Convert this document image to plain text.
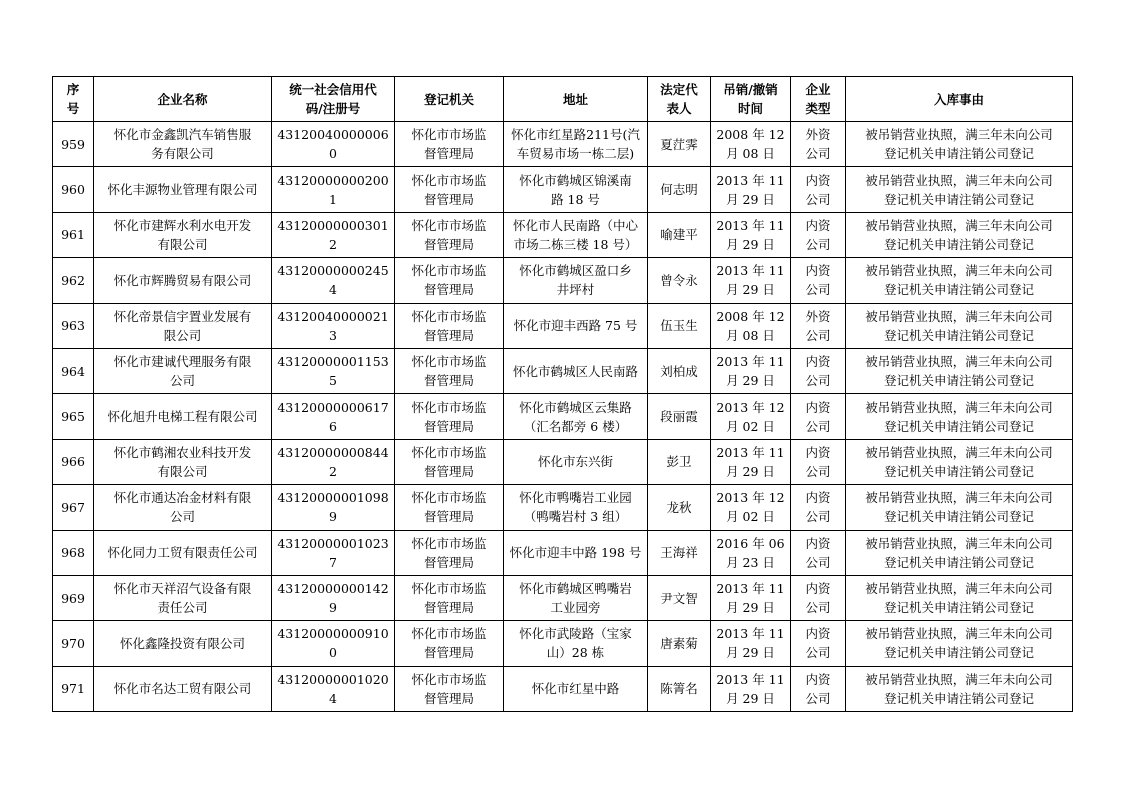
序
号	企业名称	统一社会信用代
码/注册号	登记机关	地址	法定代
表人	吊销/撤销
时间	企业
类型	入库事由

959	怀化市金鑫凯汽车销售服
务有限公司	431200400000060	怀化市市场监
督管理局	怀化市红星路211号(汽
车贸易市场一栋二层)	夏茳霁	2008 年 12
月 08 日	外资
公司	被吊销营业执照，满三年未向公司
登记机关申请注销公司登记

960	怀化丰源物业管理有限公司	431200000002001	怀化市市场监
督管理局	怀化市鹤城区锦溪南
路 18 号	何志明	2013 年 11
月 29 日	内资
公司	被吊销营业执照，满三年未向公司
登记机关申请注销公司登记

961	怀化市建辉水利水电开发
有限公司	431200000003012	怀化市市场监
督管理局	怀化市人民南路（中心
市场二栋三楼 18 号）	喻建平	2013 年 11
月 29 日	内资
公司	被吊销营业执照，满三年未向公司
登记机关申请注销公司登记

962	怀化市辉腾贸易有限公司	431200000002454	怀化市市场监
督管理局	怀化市鹤城区盈口乡
井坪村	曾令永	2013 年 11
月 29 日	内资
公司	被吊销营业执照，满三年未向公司
登记机关申请注销公司登记

963	怀化帝景信宇置业发展有
限公司	431200400000213	怀化市市场监
督管理局	怀化市迎丰西路 75 号	伍玉生	2008 年 12
月 08 日	外资
公司	被吊销营业执照，满三年未向公司
登记机关申请注销公司登记

964	怀化市建诚代理服务有限
公司	431200000011535	怀化市市场监
督管理局	怀化市鹤城区人民南路	刘柏成	2013 年 11
月 29 日	内资
公司	被吊销营业执照，满三年未向公司
登记机关申请注销公司登记

965	怀化旭升电梯工程有限公司	431200000006176	怀化市市场监
督管理局	怀化市鹤城区云集路
（汇名都旁 6 楼）	段丽霞	2013 年 12
月 02 日	内资
公司	被吊销营业执照，满三年未向公司
登记机关申请注销公司登记

966	怀化市鹤湘农业科技开发
有限公司	431200000008442	怀化市市场监
督管理局	怀化市东兴街	彭卫	2013 年 11
月 29 日	内资
公司	被吊销营业执照，满三年未向公司
登记机关申请注销公司登记

967	怀化市通达冶金材料有限
公司	431200000010989	怀化市市场监
督管理局	怀化市鸭嘴岩工业园
（鸭嘴岩村 3 组）	龙秋	2013 年 12
月 02 日	内资
公司	被吊销营业执照，满三年未向公司
登记机关申请注销公司登记

968	怀化同力工贸有限责任公司	431200000010237	怀化市市场监
督管理局	怀化市迎丰中路 198 号	王海祥	2016 年 06
月 23 日	内资
公司	被吊销营业执照，满三年未向公司
登记机关申请注销公司登记

969	怀化市天祥沼气设备有限
责任公司	431200000001429	怀化市市场监
督管理局	怀化市鹤城区鸭嘴岩
工业园旁	尹文智	2013 年 11
月 29 日	内资
公司	被吊销营业执照，满三年未向公司
登记机关申请注销公司登记

970	怀化鑫隆投资有限公司	431200000009100	怀化市市场监
督管理局	怀化市武陵路（宝家
山）28 栋	唐素菊	2013 年 11
月 29 日	内资
公司	被吊销营业执照，满三年未向公司
登记机关申请注销公司登记

971	怀化市名达工贸有限公司	431200000010204	怀化市市场监
督管理局	怀化市红星中路	陈箐名	2013 年 11
月 29 日	内资
公司	被吊销营业执照，满三年未向公司
登记机关申请注销公司登记
